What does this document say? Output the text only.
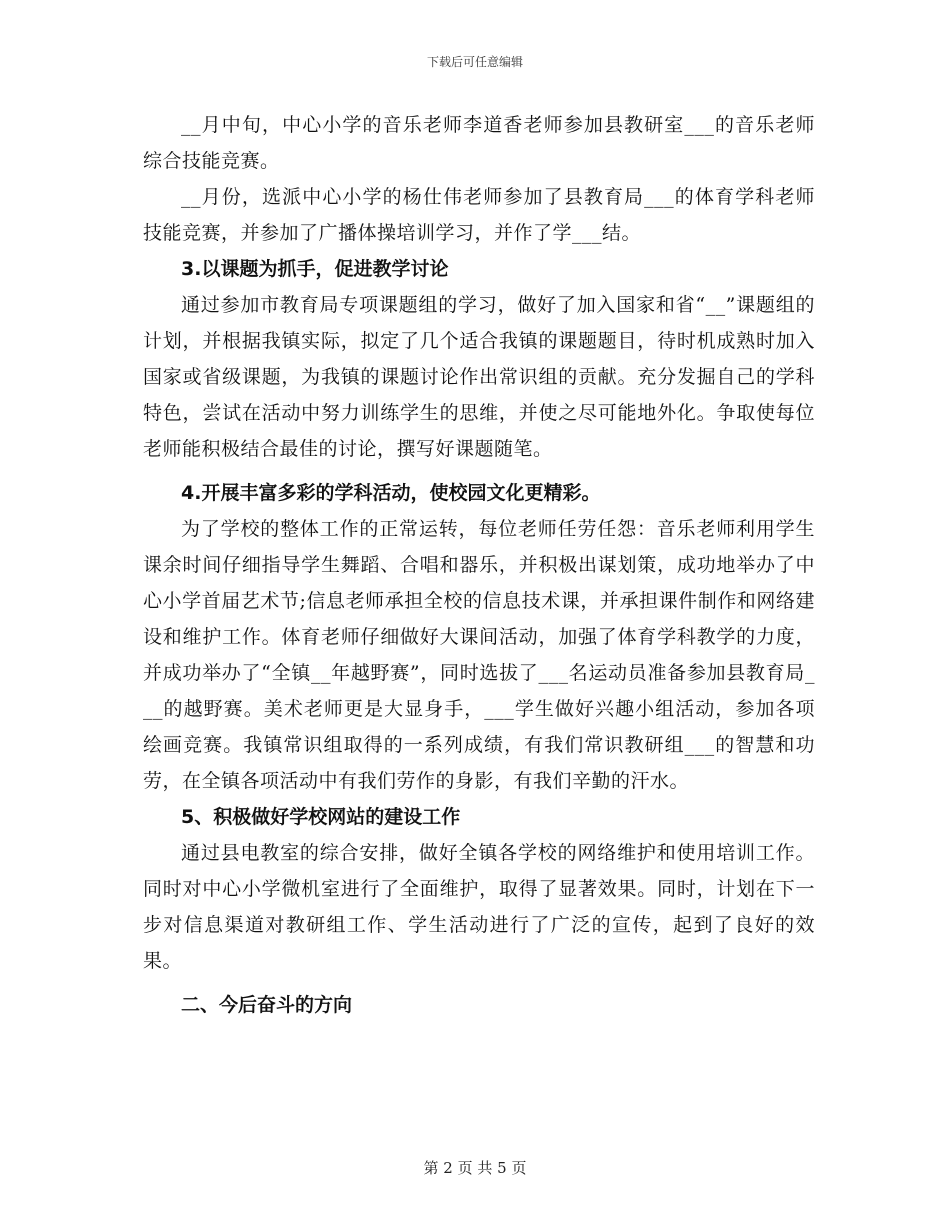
下载后可任意编辑

__月中旬，中心小学的音乐老师李道香老师参加县教研室___的音乐老师综合技能竞赛。

__月份，选派中心小学的杨仕伟老师参加了县教育局___的体育学科老师技能竞赛，并参加了广播体操培训学习，并作了学___结。

3.以课题为抓手，促进教学讨论

通过参加市教育局专项课题组的学习，做好了加入国家和省“__”课题组的计划，并根据我镇实际，拟定了几个适合我镇的课题题目，待时机成熟时加入国家或省级课题，为我镇的课题讨论作出常识组的贡献。充分发掘自己的学科特色，尝试在活动中努力训练学生的思维，并使之尽可能地外化。争取使每位老师能积极结合最佳的讨论，撰写好课题随笔。

4.开展丰富多彩的学科活动，使校园文化更精彩。

为了学校的整体工作的正常运转，每位老师任劳任怨：音乐老师利用学生课余时间仔细指导学生舞蹈、合唱和器乐，并积极出谋划策，成功地举办了中心小学首届艺术节;信息老师承担全校的信息技术课，并承担课件制作和网络建设和维护工作。体育老师仔细做好大课间活动，加强了体育学科教学的力度，并成功举办了“全镇__年越野赛”，同时选拔了___名运动员准备参加县教育局___的越野赛。美术老师更是大显身手，___学生做好兴趣小组活动，参加各项绘画竞赛。我镇常识组取得的一系列成绩，有我们常识教研组___的智慧和功劳，在全镇各项活动中有我们劳作的身影，有我们辛勤的汗水。

5、积极做好学校网站的建设工作

通过县电教室的综合安排，做好全镇各学校的网络维护和使用培训工作。同时对中心小学微机室进行了全面维护，取得了显著效果。同时，计划在下一步对信息渠道对教研组工作、学生活动进行了广泛的宣传，起到了良好的效果。

二、今后奋斗的方向

第 2 页 共 5 页
